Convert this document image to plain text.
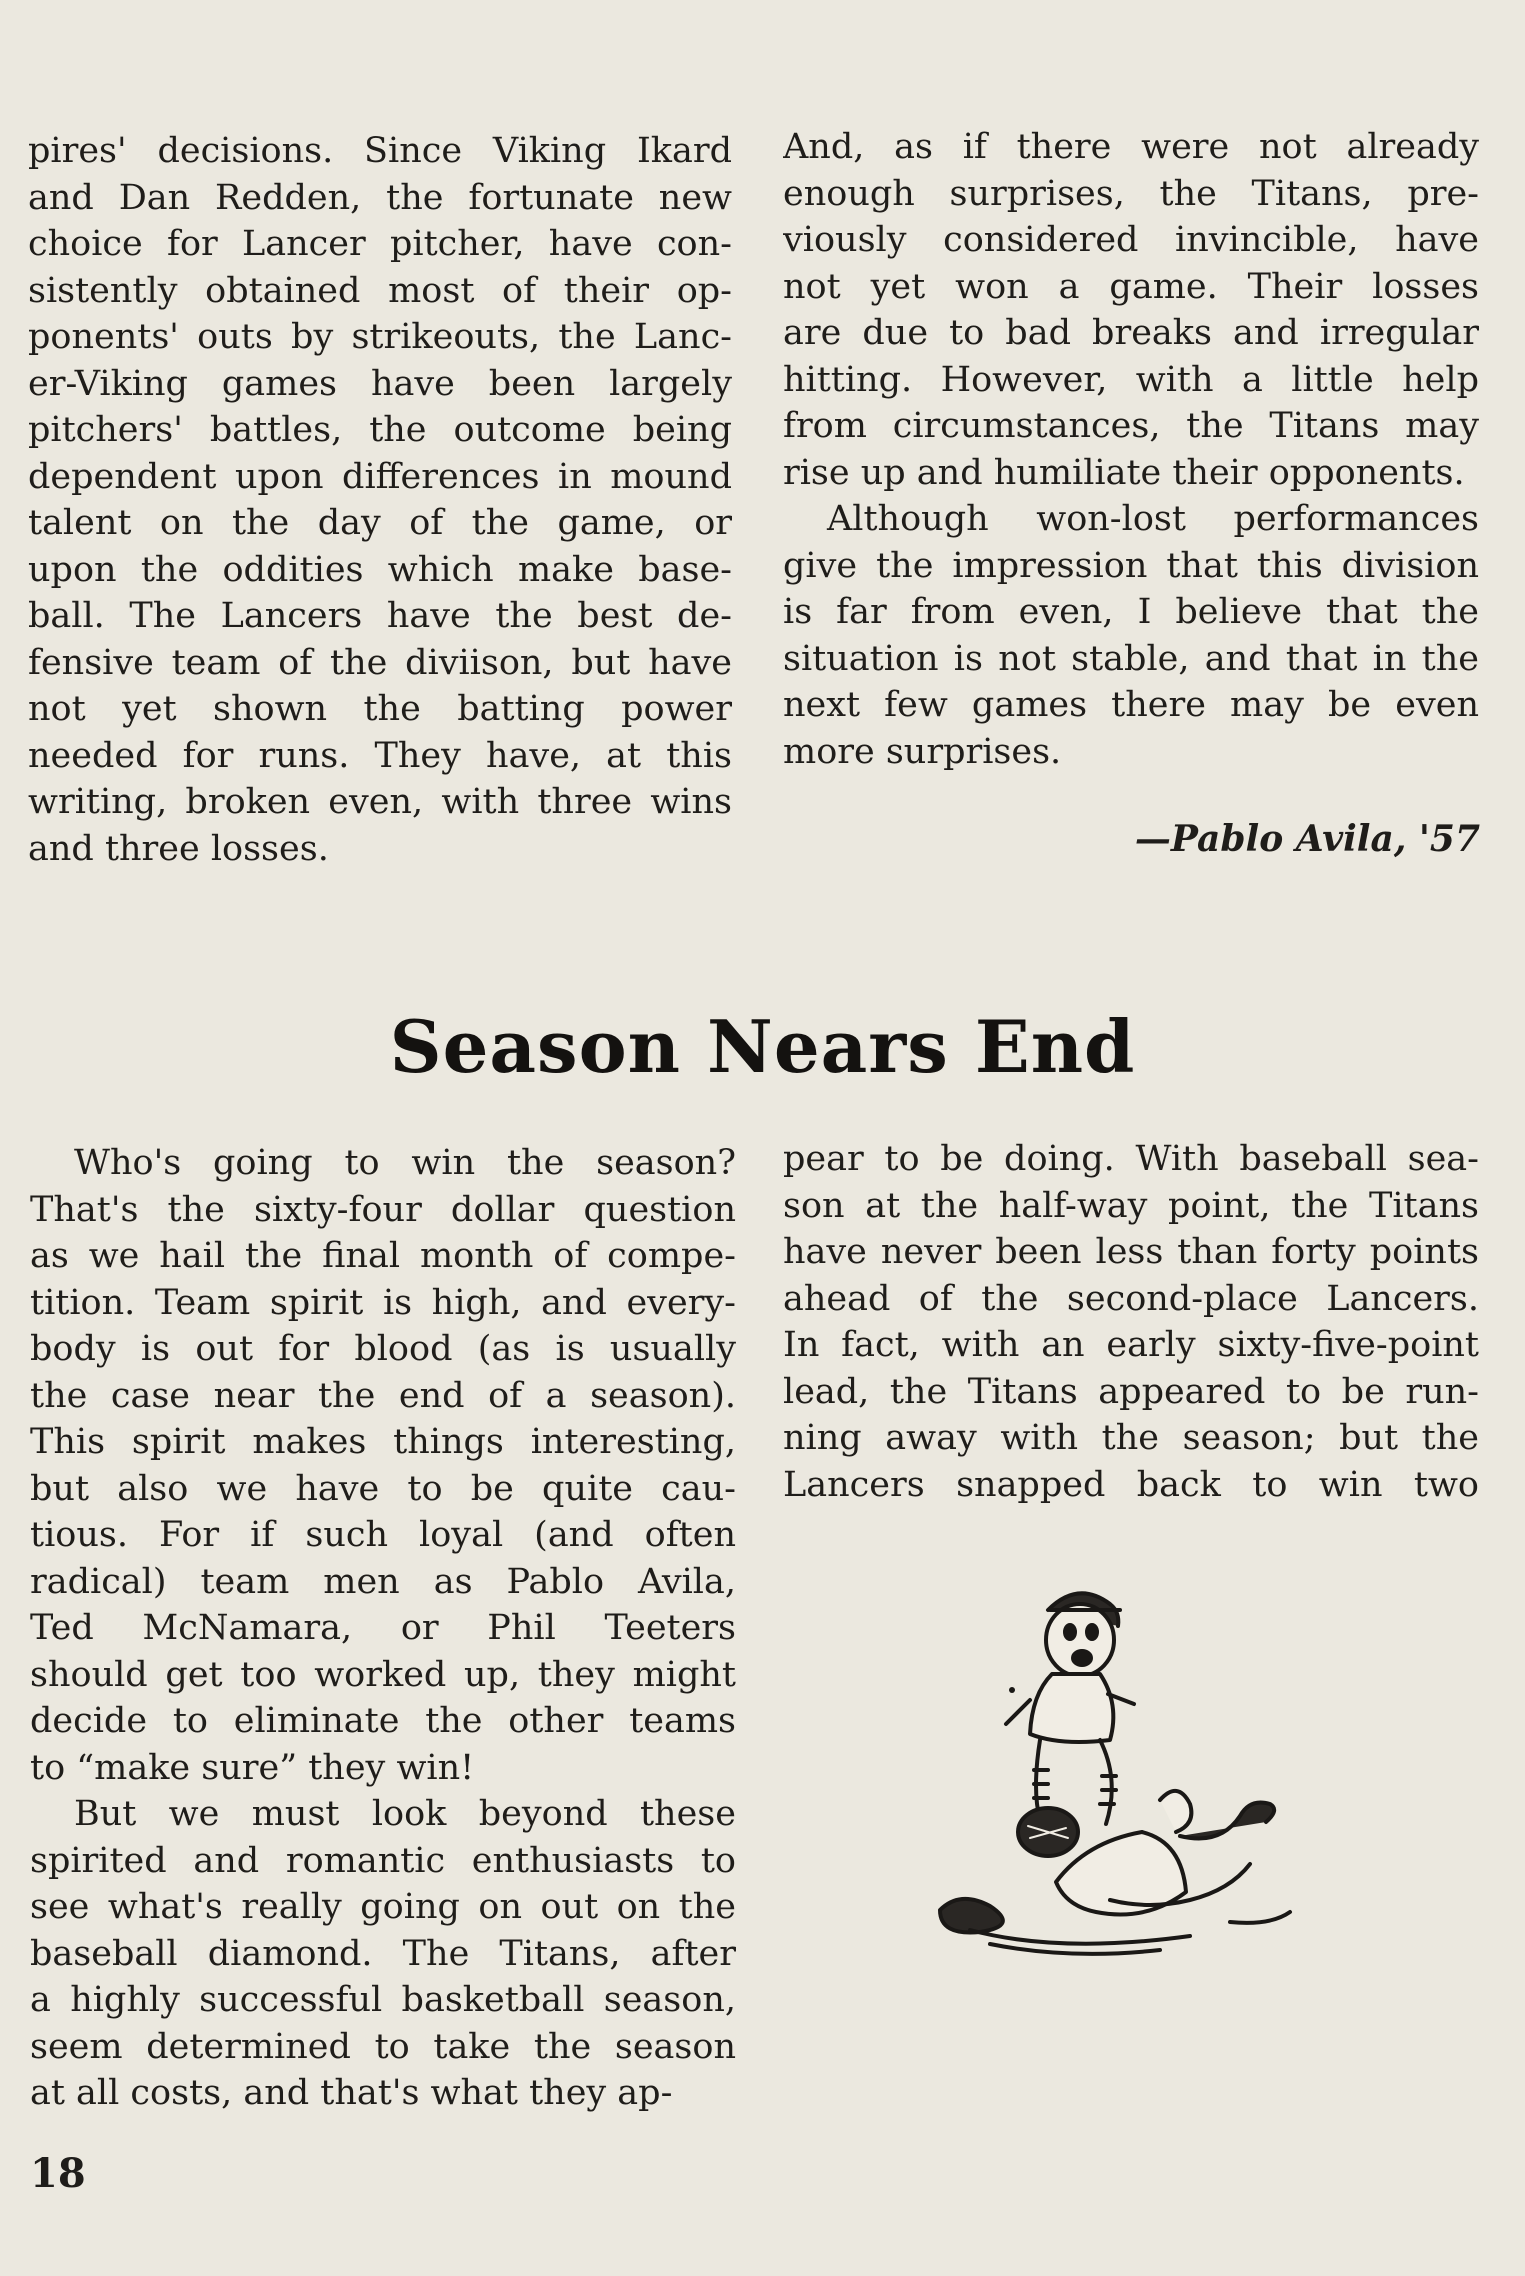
pires' decisions. Since Viking Ikard
and Dan Redden, the fortunate new
choice for Lancer pitcher, have con-
sistently obtained most of their op-
ponents' outs by strikeouts, the Lanc-
er-Viking games have been largely
pitchers' battles, the outcome being
dependent upon differences in mound
talent on the day of the game, or
upon the oddities which make base-
ball. The Lancers have the best de-
fensive team of the diviison, but have
not yet shown the batting power
needed for runs. They have, at this
writing, broken even, with three wins
and three losses.
And, as if there were not already
enough surprises, the Titans, pre-
viously considered invincible, have
not yet won a game. Their losses
are due to bad breaks and irregular
hitting. However, with a little help
from circumstances, the Titans may
rise up and humiliate their opponents.
Although won-lost performances
give the impression that this division
is far from even, I believe that the
situation is not stable, and that in the
next few games there may be even
more surprises.
—Pablo Avila, '57
Season Nears End
Who's going to win the season?
That's the sixty-four dollar question
as we hail the final month of compe-
tition. Team spirit is high, and every-
body is out for blood (as is usually
the case near the end of a season).
This spirit makes things interesting,
but also we have to be quite cau-
tious. For if such loyal (and often
radical) team men as Pablo Avila,
Ted McNamara, or Phil Teeters
should get too worked up, they might
decide to eliminate the other teams
to “make sure” they win!
But we must look beyond these
spirited and romantic enthusiasts to
see what's really going on out on the
baseball diamond. The Titans, after
a highly successful basketball season,
seem determined to take the season
at all costs, and that's what they ap-
pear to be doing. With baseball sea-
son at the half-way point, the Titans
have never been less than forty points
ahead of the second-place Lancers.
In fact, with an early sixty-five-point
lead, the Titans appeared to be run-
ning away with the season; but the
Lancers snapped back to win two
18
